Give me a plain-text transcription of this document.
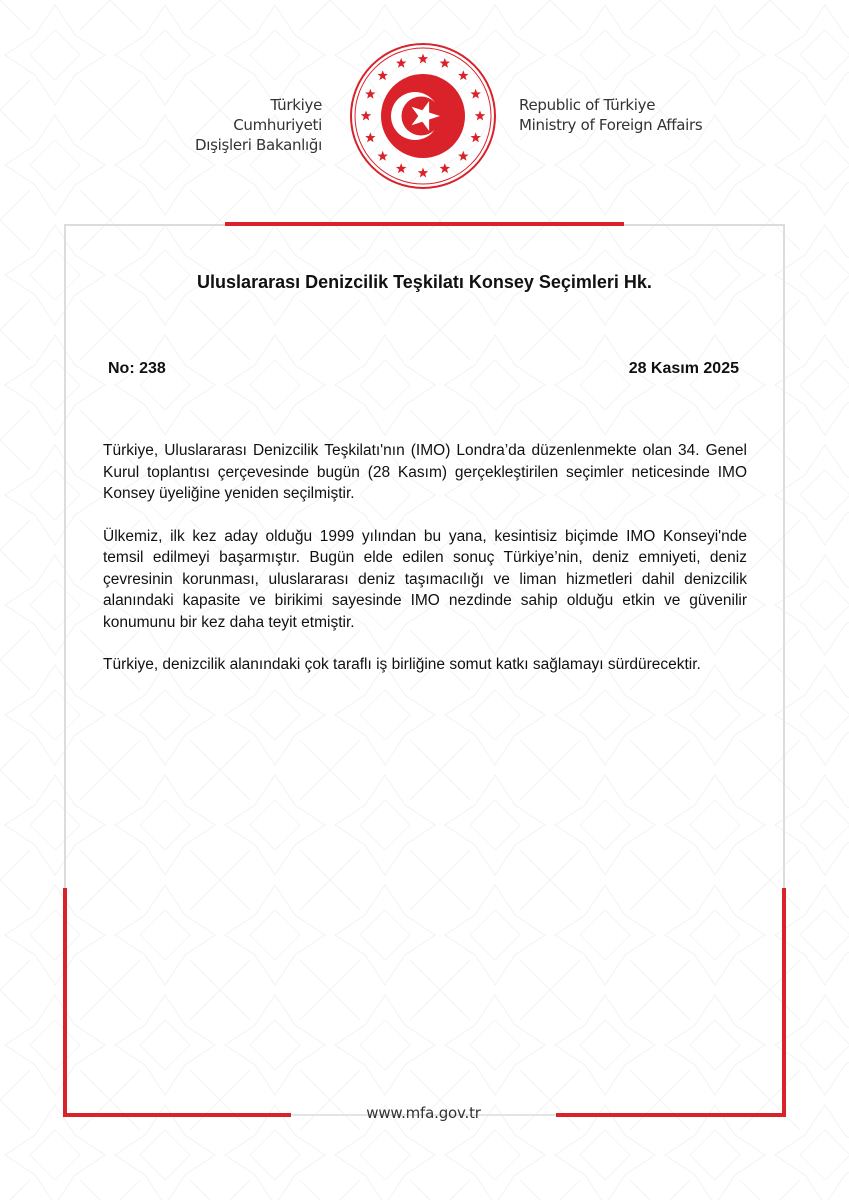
Türkiye Cumhuriyeti
Dışişleri Bakanlığı
Republic of Türkiye
Ministry of Foreign Affairs
Uluslararası Denizcilik Teşkilatı Konsey Seçimleri Hk.
No: 238	28 Kasım 2025

Türkiye, Uluslararası Denizcilik Teşkilatı'nın (IMO) Londra’da düzenlenmekte olan 34. Genel Kurul toplantısı çerçevesinde bugün (28 Kasım) gerçekleştirilen seçimler neticesinde IMO Konsey üyeliğine yeniden seçilmiştir.

Ülkemiz, ilk kez aday olduğu 1999 yılından bu yana, kesintisiz biçimde IMO Konseyi'nde temsil edilmeyi başarmıştır. Bugün elde edilen sonuç Türkiye’nin, deniz emniyeti, deniz çevresinin korunması, uluslararası deniz taşımacılığı ve liman hizmetleri dahil denizcilik alanındaki kapasite ve birikimi sayesinde IMO nezdinde sahip olduğu etkin ve güvenilir konumunu bir kez daha teyit etmiştir.

Türkiye, denizcilik alanındaki çok taraflı iş birliğine somut katkı sağlamayı sürdürecektir.

www.mfa.gov.tr
